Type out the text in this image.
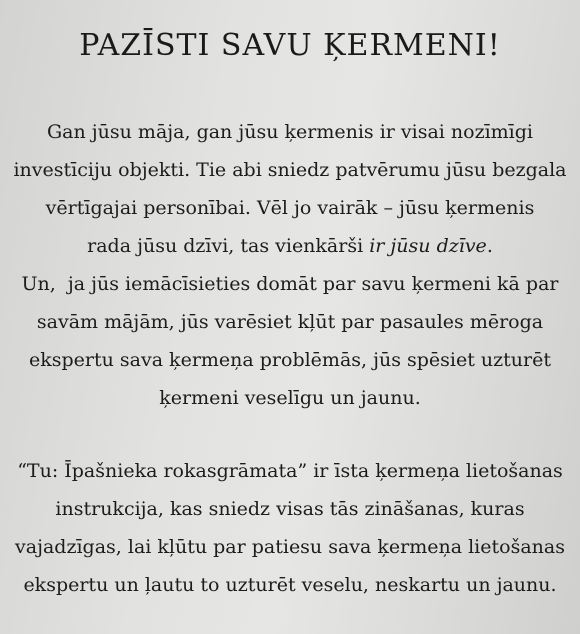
PAZĪSTI SAVU ĶERMENI!
Gan jūsu māja, gan jūsu ķermenis ir visai nozīmīgi
investīciju objekti. Tie abi sniedz patvērumu jūsu bezgala
vērtīgajai personībai. Vēl jo vairāk – jūsu ķermenis
rada jūsu dzīvi, tas vienkārši ir jūsu dzīve.
Un,  ja jūs iemācīsieties domāt par savu ķermeni kā par
savām mājām, jūs varēsiet kļūt par pasaules mēroga
ekspertu sava ķermeņa problēmās, jūs spēsiet uzturēt
ķermeni veselīgu un jaunu.
“Tu: Īpašnieka rokasgrāmata” ir īsta ķermeņa lietošanas
instrukcija, kas sniedz visas tās zināšanas, kuras
vajadzīgas, lai kļūtu par patiesu sava ķermeņa lietošanas
ekspertu un ļautu to uzturēt veselu, neskartu un jaunu.
